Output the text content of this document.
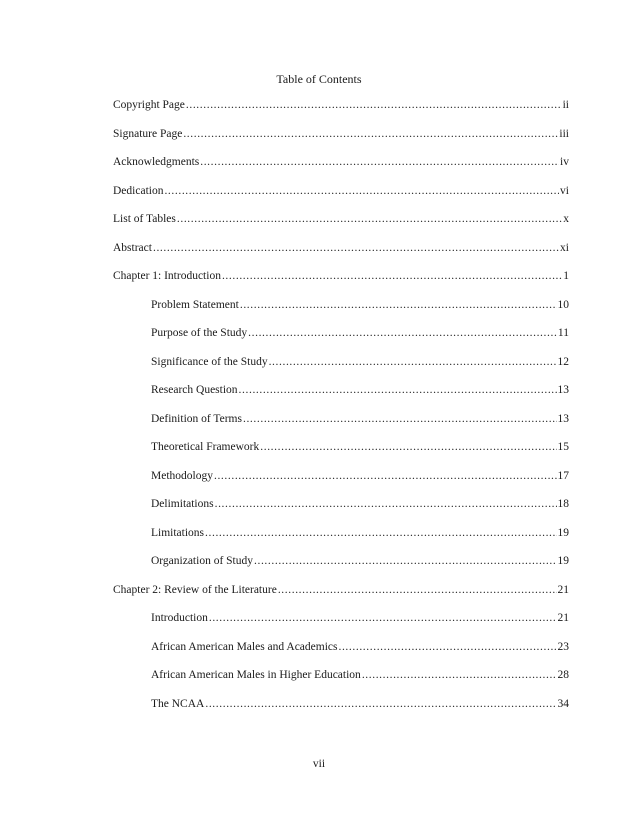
Table of Contents
Copyright Page .....	ii
Signature Page .....	iii
Acknowledgments .....	iv
Dedication .....	vi
List of Tables .....	x
Abstract .....	xi
Chapter 1: Introduction .....	1
Problem Statement .....	10
Purpose of the Study .....	11
Significance of the Study .....	12
Research Question .....	13
Definition of Terms .....	13
Theoretical Framework .....	15
Methodology .....	17
Delimitations .....	18
Limitations .....	19
Organization of Study .....	19
Chapter 2: Review of the Literature .....	21
Introduction .....	21
African American Males and Academics .....	23
African American Males in Higher Education .....	28
The NCAA .....	34
vii
